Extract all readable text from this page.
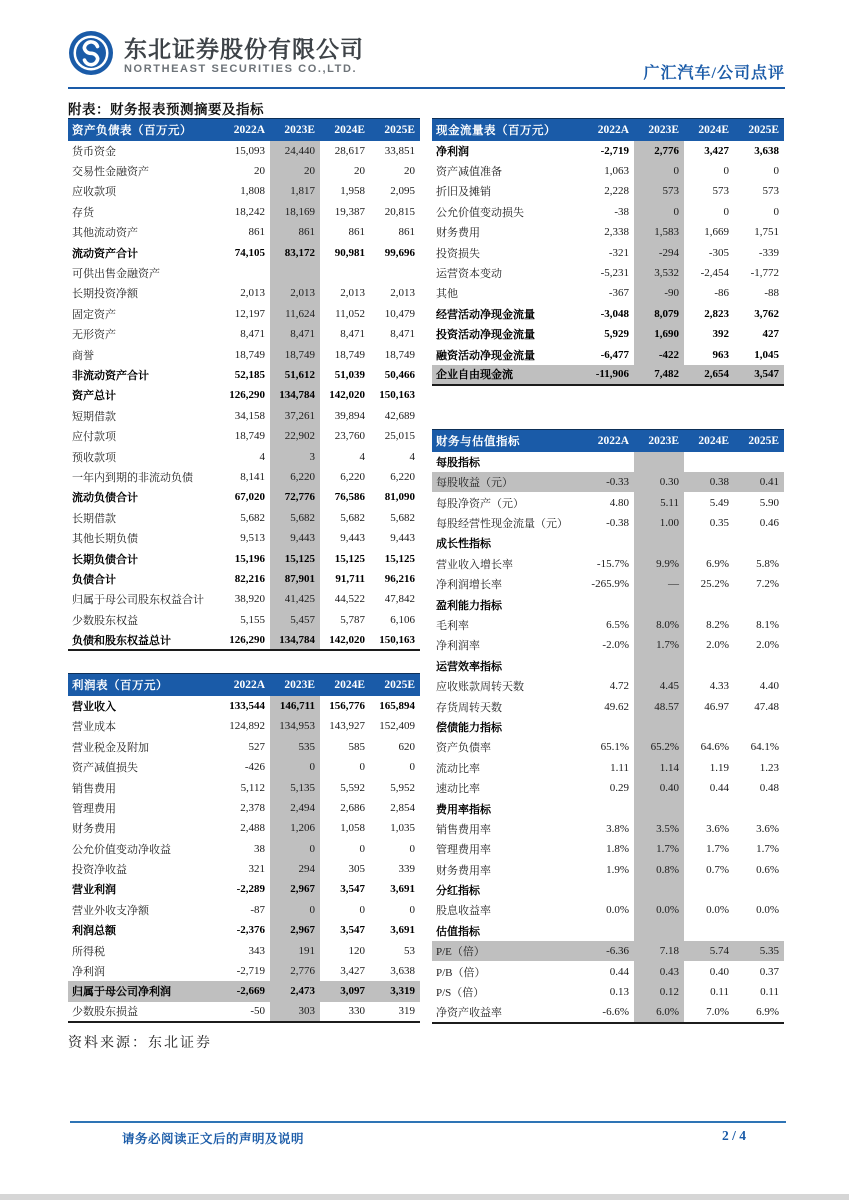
东北证券股份有限公司
NORTHEAST SECURITIES CO.,LTD.	广汇汽车/公司点评
附表：财务报表预测摘要及指标
资产负债表（百万元）	2022A	2023E	2024E	2025E
货币资金	15,093	24,440	28,617	33,851
交易性金融资产	20	20	20	20
应收款项	1,808	1,817	1,958	2,095
存货	18,242	18,169	19,387	20,815
其他流动资产	861	861	861	861
流动资产合计	74,105	83,172	90,981	99,696
可供出售金融资产				
长期投资净额	2,013	2,013	2,013	2,013
固定资产	12,197	11,624	11,052	10,479
无形资产	8,471	8,471	8,471	8,471
商誉	18,749	18,749	18,749	18,749
非流动资产合计	52,185	51,612	51,039	50,466
资产总计	126,290	134,784	142,020	150,163
短期借款	34,158	37,261	39,894	42,689
应付款项	18,749	22,902	23,760	25,015
预收款项	4	3	4	4
一年内到期的非流动负债	8,141	6,220	6,220	6,220
流动负债合计	67,020	72,776	76,586	81,090
长期借款	5,682	5,682	5,682	5,682
其他长期负债	9,513	9,443	9,443	9,443
长期负债合计	15,196	15,125	15,125	15,125
负债合计	82,216	87,901	91,711	96,216
归属于母公司股东权益合计	38,920	41,425	44,522	47,842
少数股东权益	5,155	5,457	5,787	6,106
负债和股东权益总计	126,290	134,784	142,020	150,163
利润表（百万元）	2022A	2023E	2024E	2025E
营业收入	133,544	146,711	156,776	165,894
营业成本	124,892	134,953	143,927	152,409
营业税金及附加	527	535	585	620
资产减值损失	-426	0	0	0
销售费用	5,112	5,135	5,592	5,952
管理费用	2,378	2,494	2,686	2,854
财务费用	2,488	1,206	1,058	1,035
公允价值变动净收益	38	0	0	0
投资净收益	321	294	305	339
营业利润	-2,289	2,967	3,547	3,691
营业外收支净额	-87	0	0	0
利润总额	-2,376	2,967	3,547	3,691
所得税	343	191	120	53
净利润	-2,719	2,776	3,427	3,638
归属于母公司净利润	-2,669	2,473	3,097	3,319
少数股东损益	-50	303	330	319
资料来源：东北证券
现金流量表（百万元）	2022A	2023E	2024E	2025E
净利润	-2,719	2,776	3,427	3,638
资产减值准备	1,063	0	0	0
折旧及摊销	2,228	573	573	573
公允价值变动损失	-38	0	0	0
财务费用	2,338	1,583	1,669	1,751
投资损失	-321	-294	-305	-339
运营资本变动	-5,231	3,532	-2,454	-1,772
其他	-367	-90	-86	-88
经营活动净现金流量	-3,048	8,079	2,823	3,762
投资活动净现金流量	5,929	1,690	392	427
融资活动净现金流量	-6,477	-422	963	1,045
企业自由现金流	-11,906	7,482	2,654	3,547
财务与估值指标	2022A	2023E	2024E	2025E
每股指标				
每股收益（元）	-0.33	0.30	0.38	0.41
每股净资产（元）	4.80	5.11	5.49	5.90
每股经营性现金流量（元）	-0.38	1.00	0.35	0.46
成长性指标				
营业收入增长率	-15.7%	9.9%	6.9%	5.8%
净利润增长率	-265.9%	—	25.2%	7.2%
盈利能力指标				
毛利率	6.5%	8.0%	8.2%	8.1%
净利润率	-2.0%	1.7%	2.0%	2.0%
运营效率指标				
应收账款周转天数	4.72	4.45	4.33	4.40
存货周转天数	49.62	48.57	46.97	47.48
偿债能力指标				
资产负债率	65.1%	65.2%	64.6%	64.1%
流动比率	1.11	1.14	1.19	1.23
速动比率	0.29	0.40	0.44	0.48
费用率指标				
销售费用率	3.8%	3.5%	3.6%	3.6%
管理费用率	1.8%	1.7%	1.7%	1.7%
财务费用率	1.9%	0.8%	0.7%	0.6%
分红指标				
股息收益率	0.0%	0.0%	0.0%	0.0%
估值指标				
P/E（倍）	-6.36	7.18	5.74	5.35
P/B（倍）	0.44	0.43	0.40	0.37
P/S（倍）	0.13	0.12	0.11	0.11
净资产收益率	-6.6%	6.0%	7.0%	6.9%
请务必阅读正文后的声明及说明	2 / 4
